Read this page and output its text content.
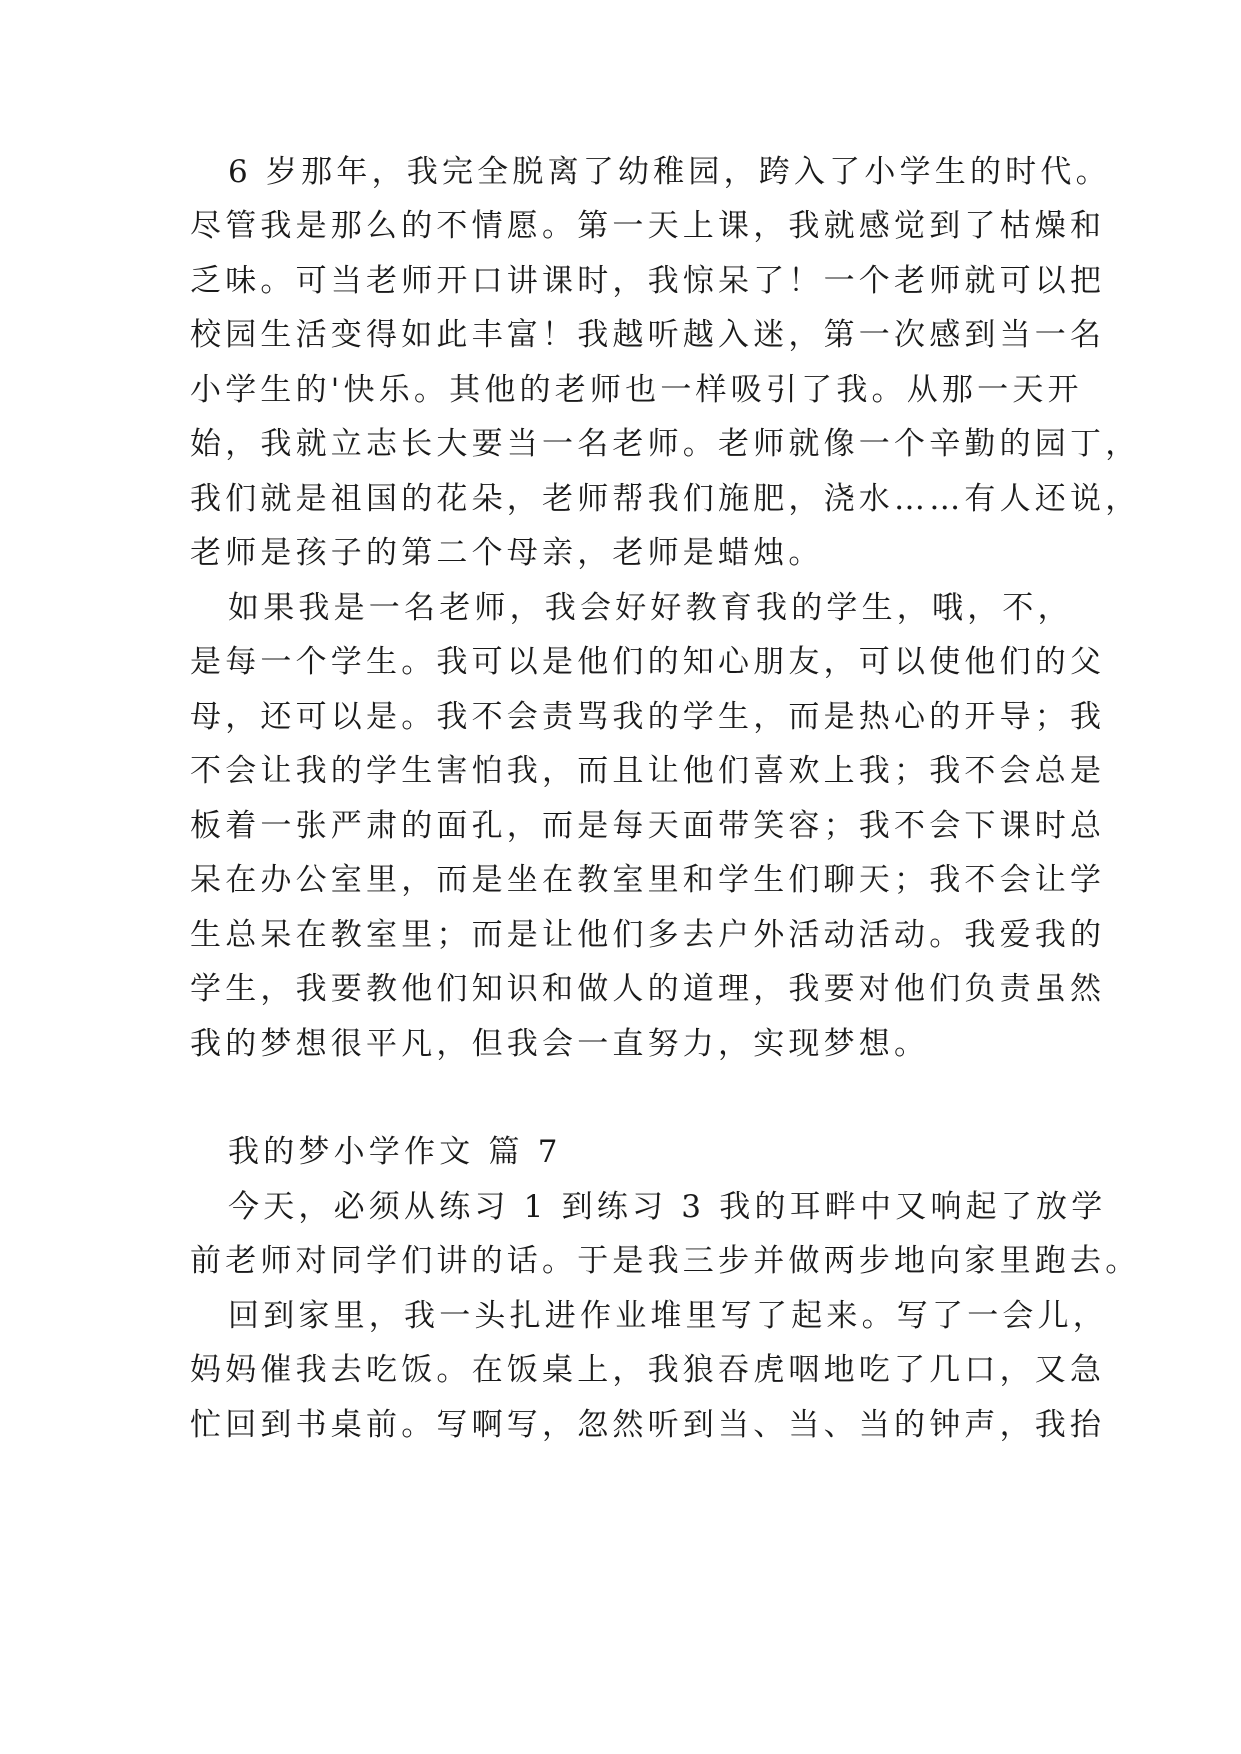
6 岁那年，我完全脱离了幼稚园，跨入了小学生的时代。
尽管我是那么的不情愿。第一天上课，我就感觉到了枯燥和
乏味。可当老师开口讲课时，我惊呆了！一个老师就可以把
校园生活变得如此丰富！我越听越入迷，第一次感到当一名
小学生的'快乐。其他的老师也一样吸引了我。从那一天开
始，我就立志长大要当一名老师。老师就像一个辛勤的园丁，
我们就是祖国的花朵，老师帮我们施肥，浇水……有人还说，
老师是孩子的第二个母亲，老师是蜡烛。
如果我是一名老师，我会好好教育我的学生，哦，不，
是每一个学生。我可以是他们的知心朋友，可以使他们的父
母，还可以是。我不会责骂我的学生，而是热心的开导；我
不会让我的学生害怕我，而且让他们喜欢上我；我不会总是
板着一张严肃的面孔，而是每天面带笑容；我不会下课时总
呆在办公室里，而是坐在教室里和学生们聊天；我不会让学
生总呆在教室里；而是让他们多去户外活动活动。我爱我的
学生，我要教他们知识和做人的道理，我要对他们负责虽然
我的梦想很平凡，但我会一直努力，实现梦想。
我的梦小学作文 篇 7
今天，必须从练习 1 到练习 3 我的耳畔中又响起了放学
前老师对同学们讲的话。于是我三步并做两步地向家里跑去。
回到家里，我一头扎进作业堆里写了起来。写了一会儿，
妈妈催我去吃饭。在饭桌上，我狼吞虎咽地吃了几口，又急
忙回到书桌前。写啊写，忽然听到当、当、当的钟声，我抬
